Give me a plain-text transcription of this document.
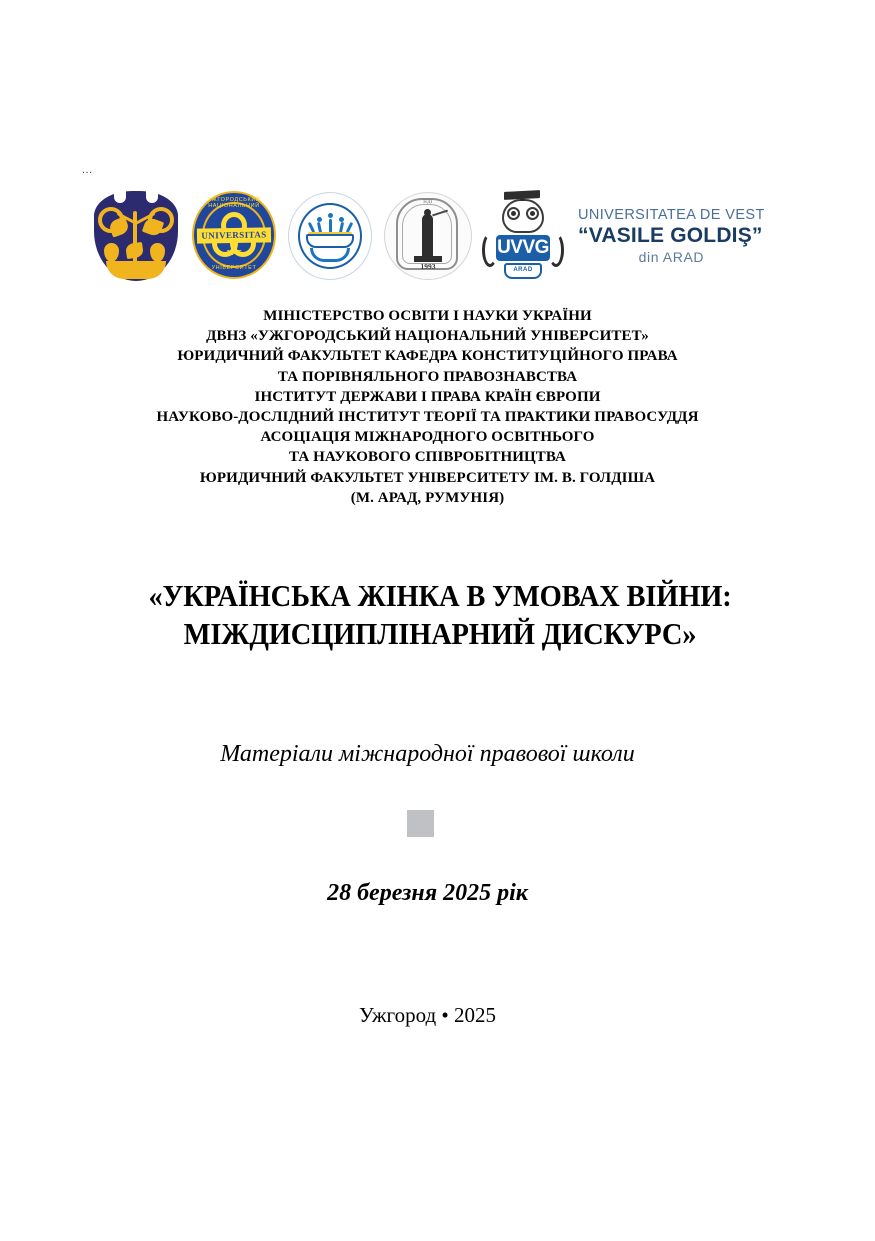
...
УЖГОРОДСЬКИЙ НАЦІОНАЛЬНИЙ
UNIVERSITAS
1945
УНІВЕРСИТЕТ
НДІ
1993
UVVG
ARAD
UNIVERSITATEA DE VEST
“VASILE GOLDIŞ”
din ARAD
МІНІСТЕРСТВО ОСВІТИ І НАУКИ УКРАЇНИ
ДВНЗ «УЖГОРОДСЬКИЙ НАЦІОНАЛЬНИЙ УНІВЕРСИТЕТ»
ЮРИДИЧНИЙ ФАКУЛЬТЕТ КАФЕДРА КОНСТИТУЦІЙНОГО ПРАВА
ТА ПОРІВНЯЛЬНОГО ПРАВОЗНАВСТВА
ІНСТИТУТ ДЕРЖАВИ І ПРАВА КРАЇН ЄВРОПИ
НАУКОВО-ДОСЛІДНИЙ ІНСТИТУТ ТЕОРІЇ ТА ПРАКТИКИ ПРАВОСУДДЯ
АСОЦІАЦІЯ МІЖНАРОДНОГО ОСВІТНЬОГО
ТА НАУКОВОГО СПІВРОБІТНИЦТВА
ЮРИДИЧНИЙ ФАКУЛЬТЕТ УНІВЕРСИТЕТУ ІМ. В. ГОЛДІША
(М. АРАД, РУМУНІЯ)
«УКРАЇНСЬКА ЖІНКА В УМОВАХ ВІЙНИ:
МІЖДИСЦИПЛІНАРНИЙ ДИСКУРС»
Матеріали міжнародної правової школи
28 березня 2025 рік
Ужгород • 2025
